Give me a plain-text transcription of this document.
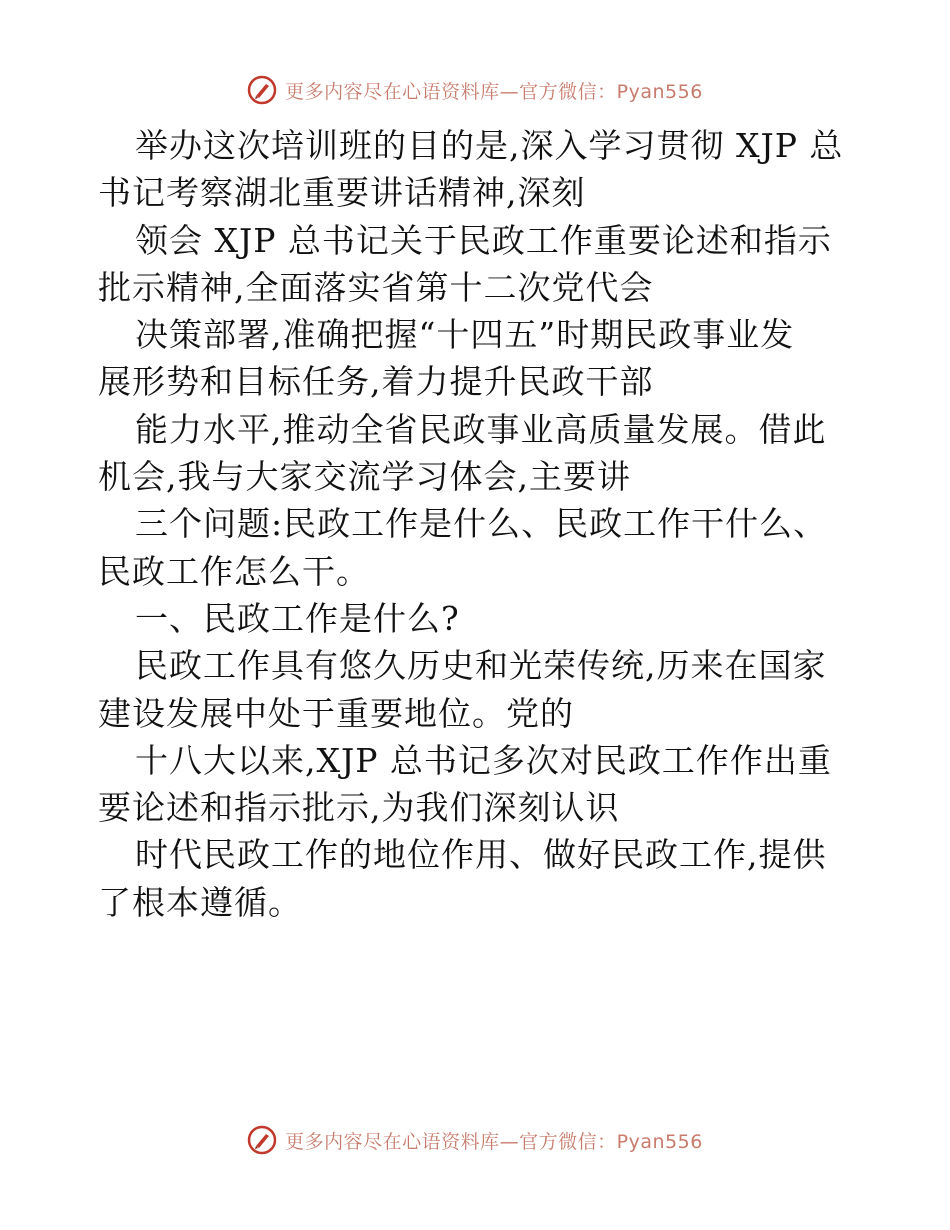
更多内容尽在心语资料库—官方微信：Pyan556
举办这次培训班的目的是,深入学习贯彻 XJP 总
书记考察湖北重要讲话精神,深刻
领会 XJP 总书记关于民政工作重要论述和指示
批示精神,全面落实省第十二次党代会
决策部署,准确把握“十四五”时期民政事业发
展形势和目标任务,着力提升民政干部
能力水平,推动全省民政事业高质量发展。借此
机会,我与大家交流学习体会,主要讲
三个问题:民政工作是什么、民政工作干什么、
民政工作怎么干。
一、民政工作是什么?
民政工作具有悠久历史和光荣传统,历来在国家
建设发展中处于重要地位。党的
十八大以来,XJP 总书记多次对民政工作作出重
要论述和指示批示,为我们深刻认识
时代民政工作的地位作用、做好民政工作,提供
了根本遵循。
更多内容尽在心语资料库—官方微信：Pyan556
